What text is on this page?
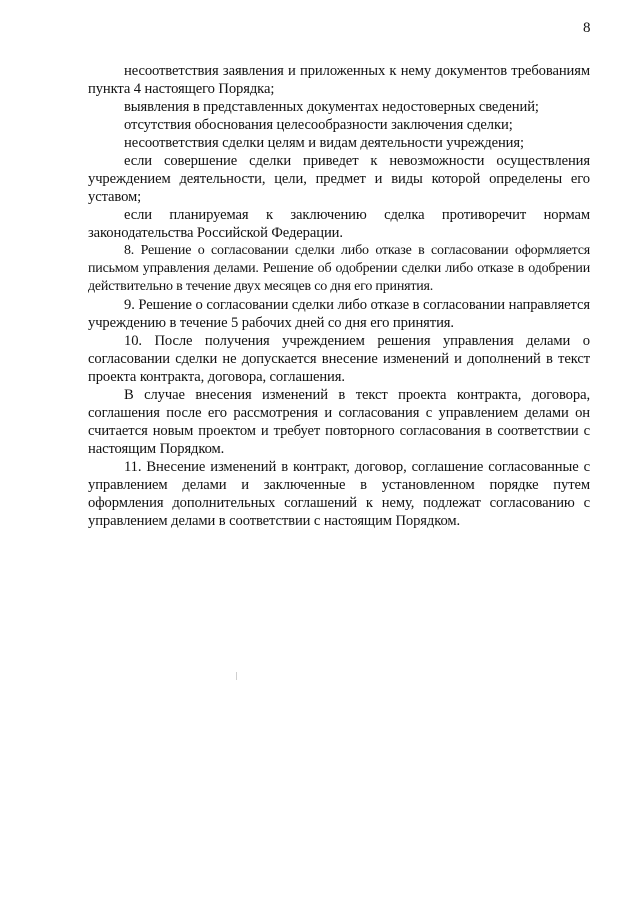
8

несоответствия заявления и приложенных к нему документов требованиям пункта 4 настоящего Порядка;

выявления в представленных документах недостоверных сведений;

отсутствия обоснования целесообразности заключения сделки;

несоответствия сделки целям и видам деятельности учреждения;

если совершение сделки приведет к невозможности осуществления учреждением деятельности, цели, предмет и виды которой определены его уставом;

если планируемая к заключению сделка противоречит нормам законодательства Российской Федерации.

8. Решение о согласовании сделки либо отказе в согласовании оформляется письмом управления делами. Решение об одобрении сделки либо отказе в одобрении действительно в течение двух месяцев со дня его принятия.

9. Решение о согласовании сделки либо отказе в согласовании направляется учреждению в течение 5 рабочих дней со дня его принятия.

10. После получения учреждением решения управления делами о согласовании сделки не допускается внесение изменений и дополнений в текст проекта контракта, договора, соглашения.

В случае внесения изменений в текст проекта контракта, договора, соглашения после его рассмотрения и согласования с управлением делами он считается новым проектом и требует повторного согласования в соответствии с настоящим Порядком.

11. Внесение изменений в контракт, договор, соглашение согласованные с управлением делами и заключенные в установленном порядке путем оформления дополнительных соглашений к нему, подлежат согласованию с управлением делами в соответствии с настоящим Порядком.
